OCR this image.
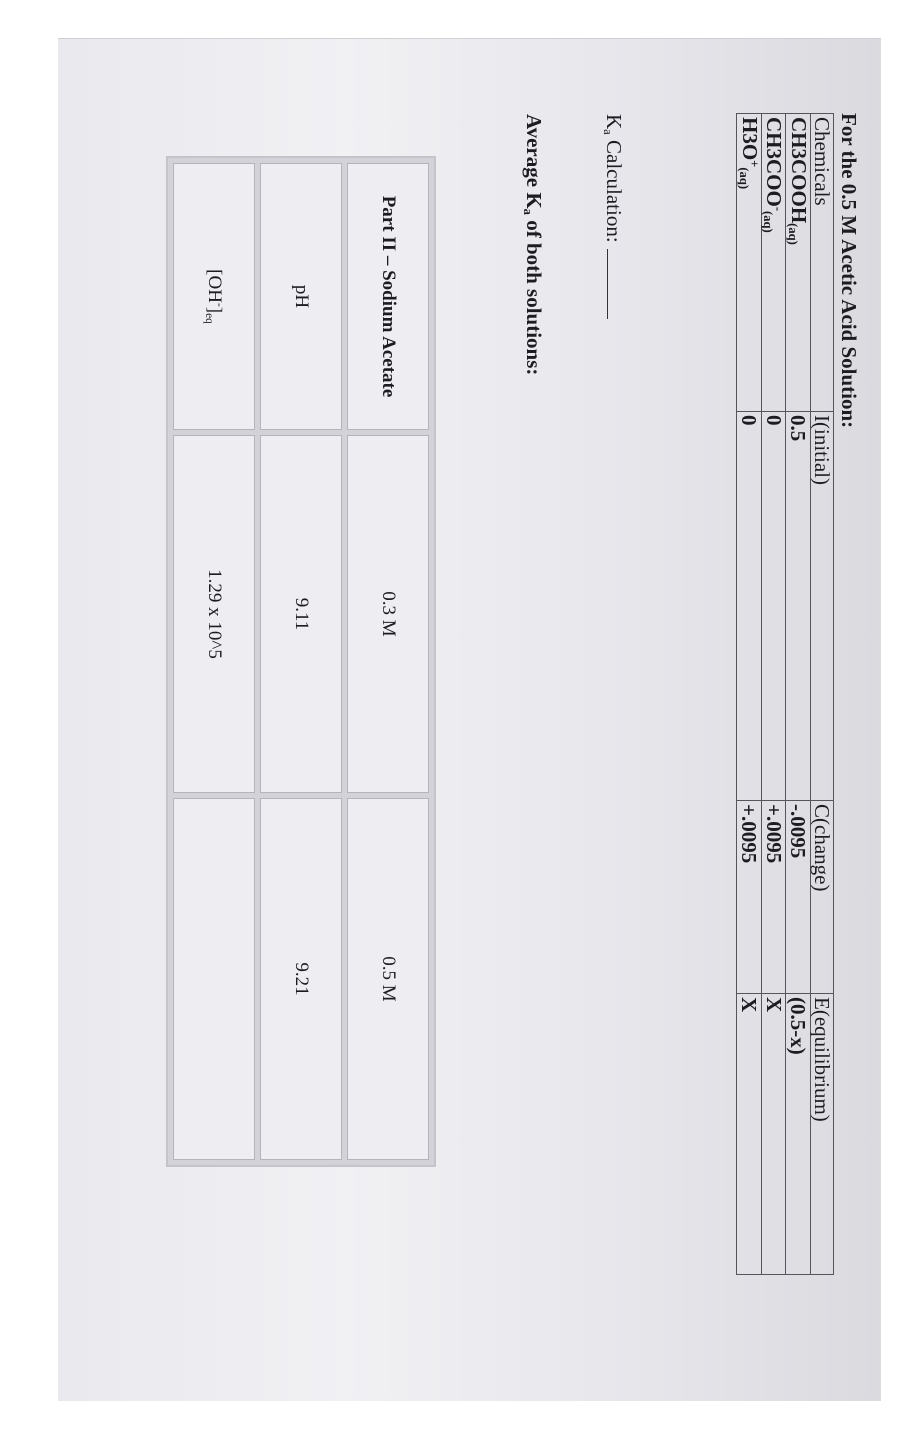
For the 0.5 M Acetic Acid Solution:
Chemicals	I(initial)	C(change)	E(equilibrium)
$CH3COOH_{(aq)}$	0.5	-.0095	(0.5-x)
$CH3COO^-_{(aq)}$	0	+.0095	X
$H3O^+_{(aq)}$	0	+.0095	X
$K_a$ Calculation:
Average $K_a$ of both solutions:
Part II – Sodium Acetate	0.3 M	0.5 M
pH	9.11	9.21
$[OH^-]_{eq}$	1.29 x 10^5	
